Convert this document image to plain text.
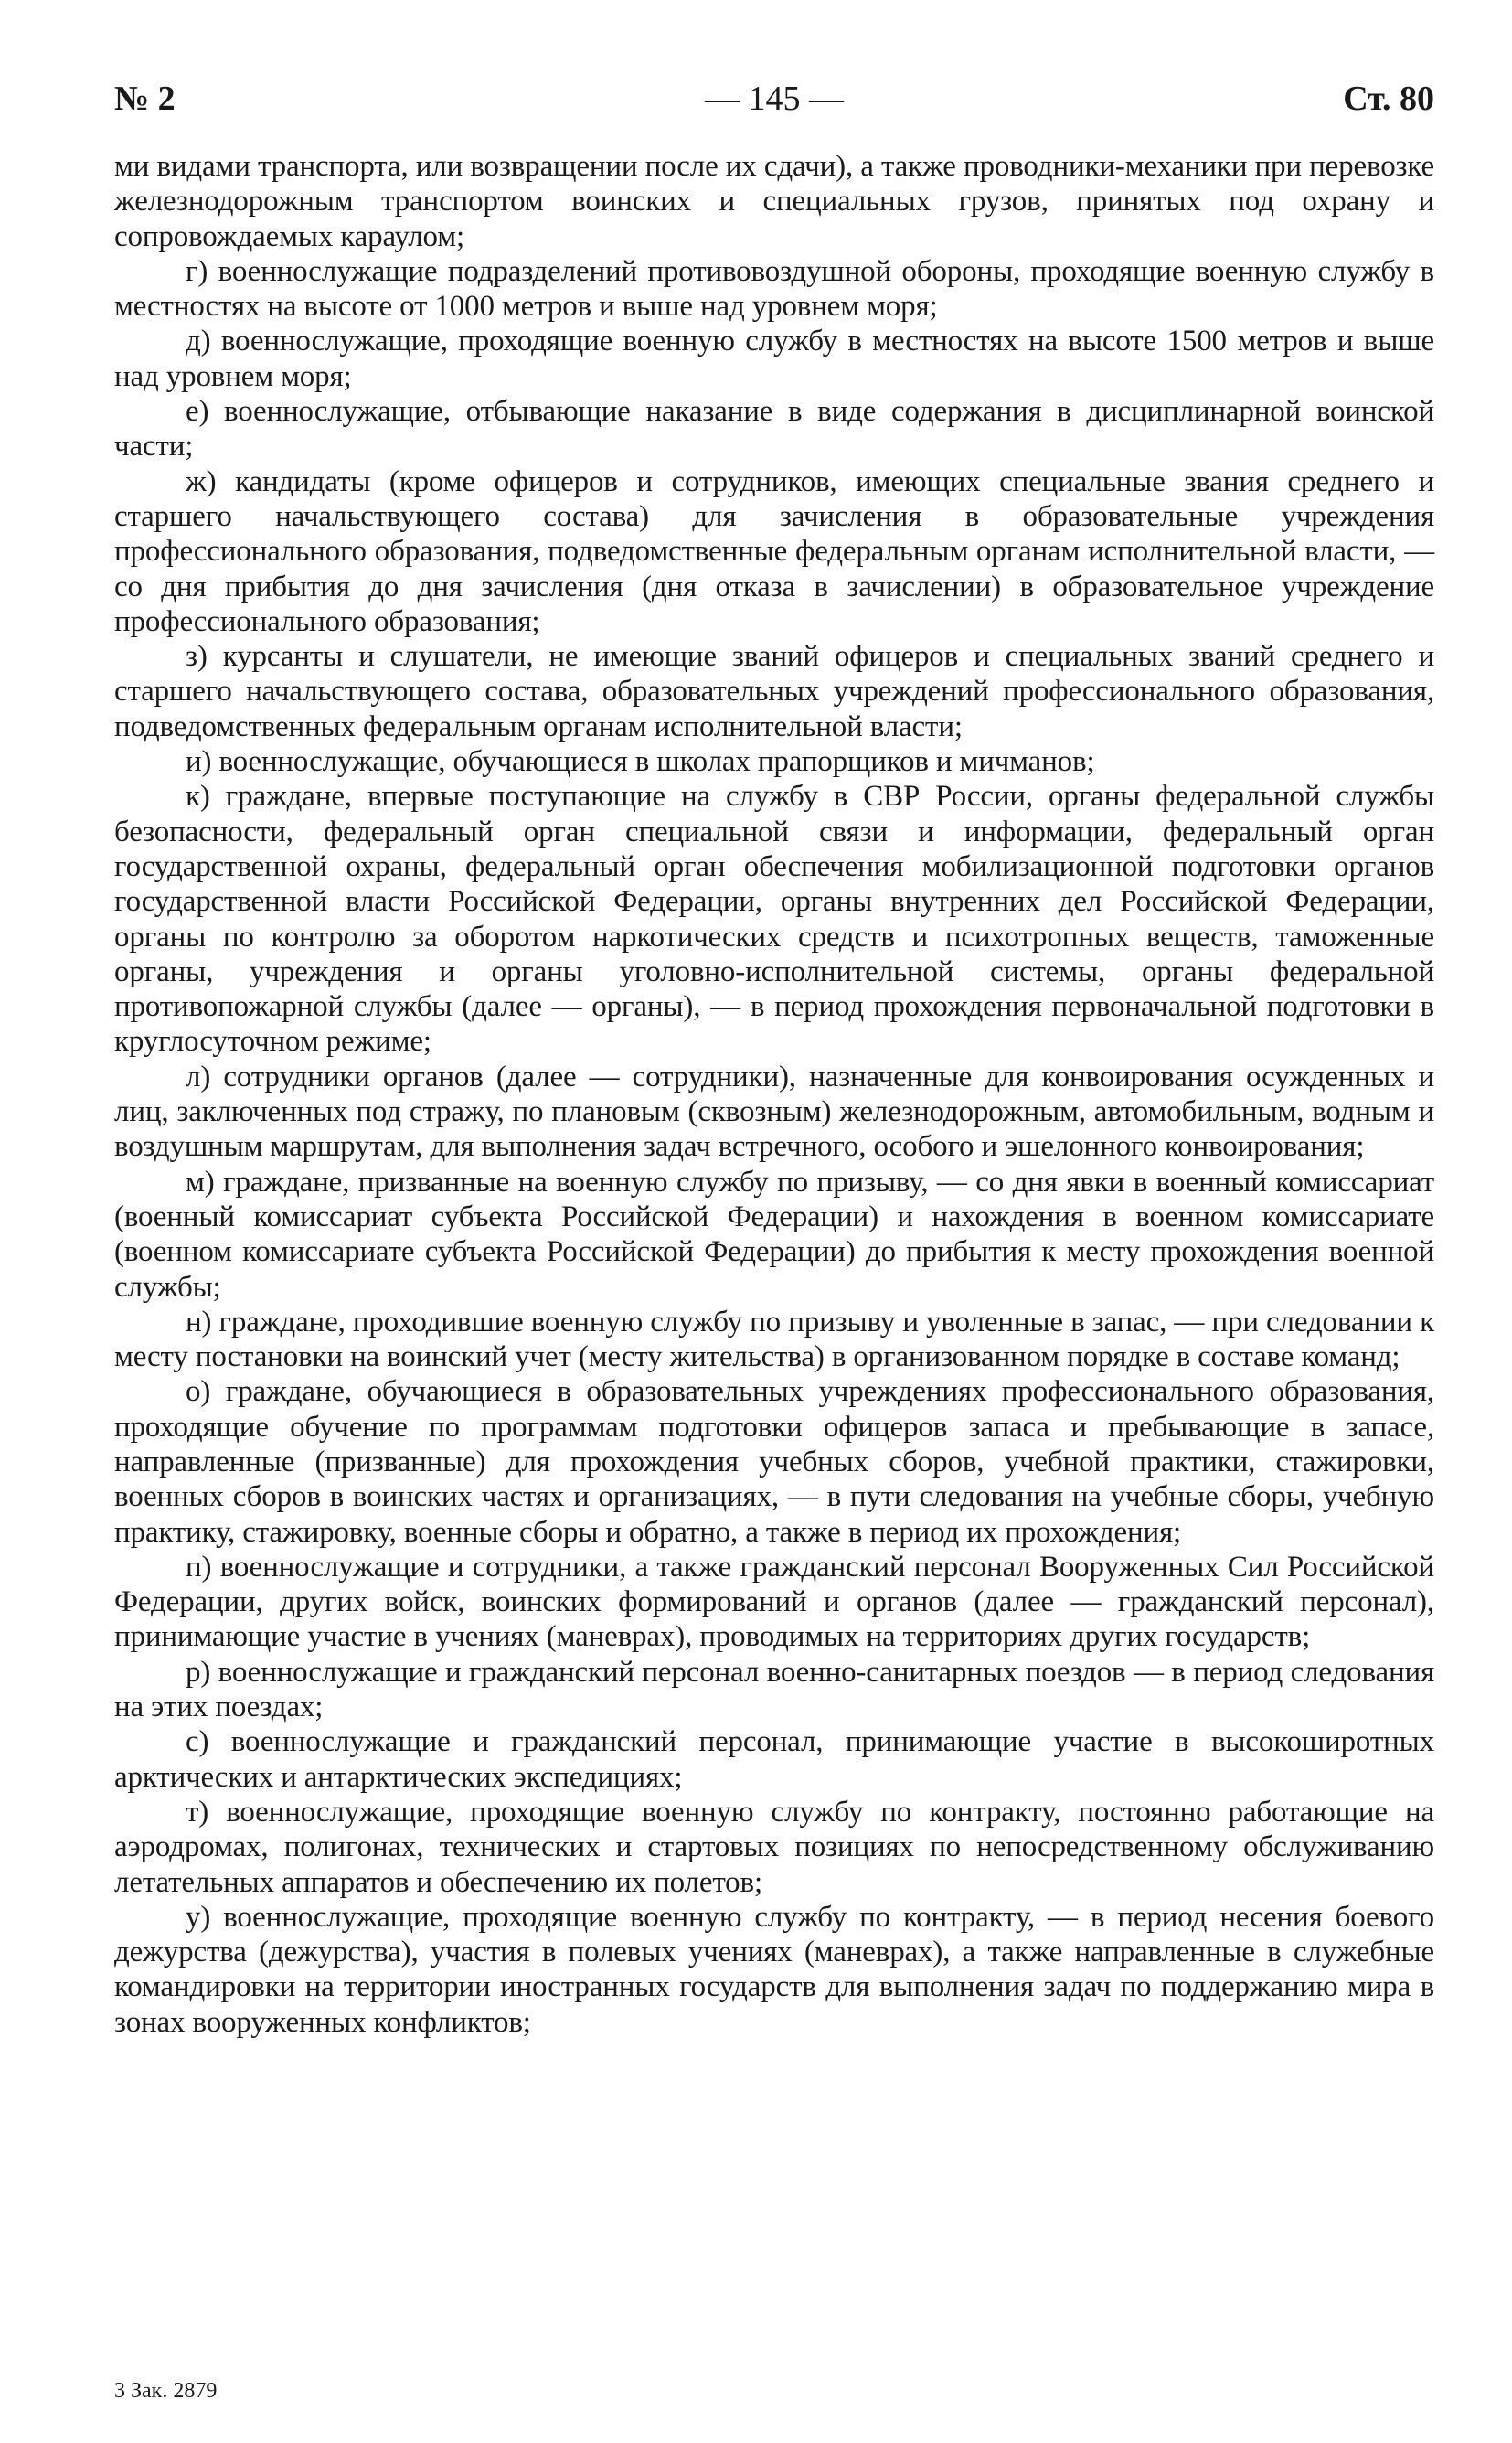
№ 2	— 145 —	Ст. 80

ми видами транспорта, или возвращении после их сдачи), а также проводники-механики при перевозке железнодорожным транспортом воинских и специальных грузов, принятых под охрану и сопровождаемых караулом;

г) военнослужащие подразделений противовоздушной обороны, проходящие военную службу в местностях на высоте от 1000 метров и выше над уровнем моря;

д) военнослужащие, проходящие военную службу в местностях на высоте 1500 метров и выше над уровнем моря;

е) военнослужащие, отбывающие наказание в виде содержания в дисциплинарной воинской части;

ж) кандидаты (кроме офицеров и сотрудников, имеющих специальные звания среднего и старшего начальствующего состава) для зачисления в образовательные учреждения профессионального образования, подведомственные федеральным органам исполнительной власти, — со дня прибытия до дня зачисления (дня отказа в зачислении) в образовательное учреждение профессионального образования;

з) курсанты и слушатели, не имеющие званий офицеров и специальных званий среднего и старшего начальствующего состава, образовательных учреждений профессионального образования, подведомственных федеральным органам исполнительной власти;

и) военнослужащие, обучающиеся в школах прапорщиков и мичманов;

к) граждане, впервые поступающие на службу в СВР России, органы федеральной службы безопасности, федеральный орган специальной связи и информации, федеральный орган государственной охраны, федеральный орган обеспечения мобилизационной подготовки органов государственной власти Российской Федерации, органы внутренних дел Российской Федерации, органы по контролю за оборотом наркотических средств и психотропных веществ, таможенные органы, учреждения и органы уголовно-исполнительной системы, органы федеральной противопожарной службы (далее — органы), — в период прохождения первоначальной подготовки в круглосуточном режиме;

л) сотрудники органов (далее — сотрудники), назначенные для конвоирования осужденных и лиц, заключенных под стражу, по плановым (сквозным) железнодорожным, автомобильным, водным и воздушным маршрутам, для выполнения задач встречного, особого и эшелонного конвоирования;

м) граждане, призванные на военную службу по призыву, — со дня явки в военный комиссариат (военный комиссариат субъекта Российской Федерации) и нахождения в военном комиссариате (военном комиссариате субъекта Российской Федерации) до прибытия к месту прохождения военной службы;

н) граждане, проходившие военную службу по призыву и уволенные в запас, — при следовании к месту постановки на воинский учет (месту жительства) в организованном порядке в составе команд;

о) граждане, обучающиеся в образовательных учреждениях профессионального образования, проходящие обучение по программам подготовки офицеров запаса и пребывающие в запасе, направленные (призванные) для прохождения учебных сборов, учебной практики, стажировки, военных сборов в воинских частях и организациях, — в пути следования на учебные сборы, учебную практику, стажировку, военные сборы и обратно, а также в период их прохождения;

п) военнослужащие и сотрудники, а также гражданский персонал Вооруженных Сил Российской Федерации, других войск, воинских формирований и органов (далее — гражданский персонал), принимающие участие в учениях (маневрах), проводимых на территориях других государств;

р) военнослужащие и гражданский персонал военно-санитарных поездов — в период следования на этих поездах;

с) военнослужащие и гражданский персонал, принимающие участие в высокоширотных арктических и антарктических экспедициях;

т) военнослужащие, проходящие военную службу по контракту, постоянно работающие на аэродромах, полигонах, технических и стартовых позициях по непосредственному обслуживанию летательных аппаратов и обеспечению их полетов;

у) военнослужащие, проходящие военную службу по контракту, — в период несения боевого дежурства (дежурства), участия в полевых учениях (маневрах), а также направленные в служебные командировки на территории иностранных государств для выполнения задач по поддержанию мира в зонах вооруженных конфликтов;

3 Зак. 2879
